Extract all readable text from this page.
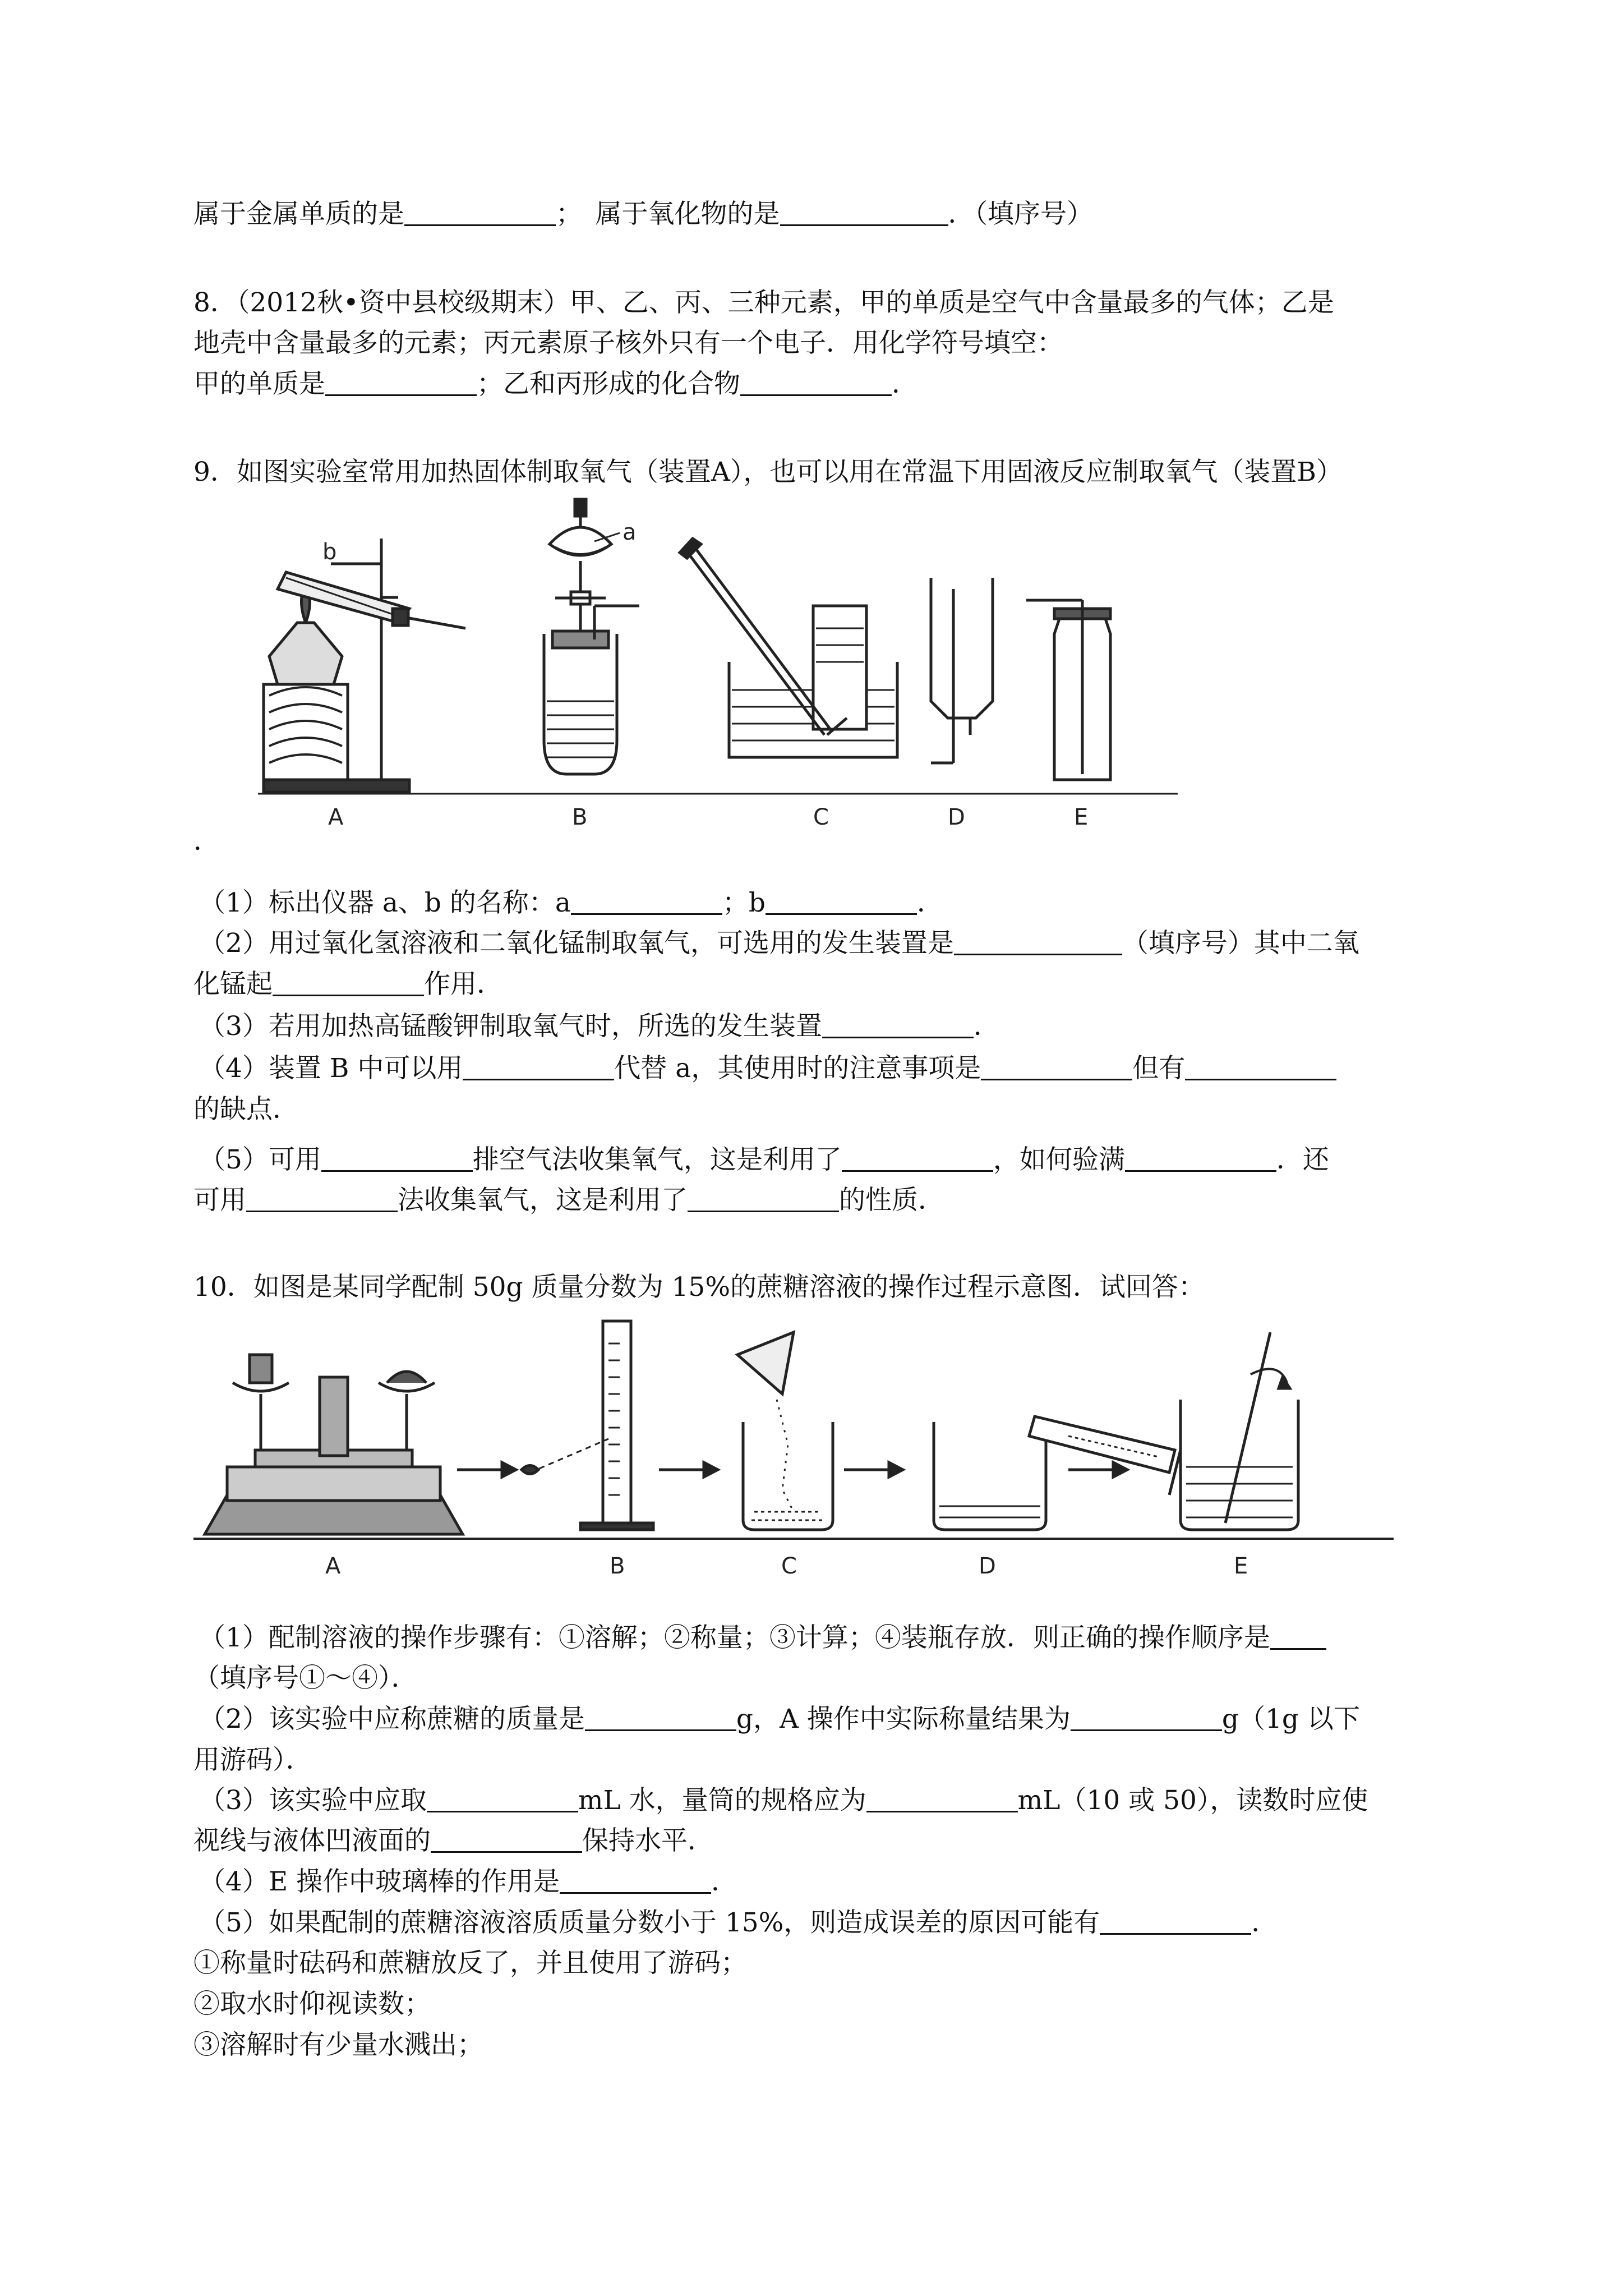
属于金属单质的是	；　属于氧化物的是	．（填序号）
8．（2012秋•资中县校级期末）甲、乙、丙、三种元素，甲的单质是空气中含量最多的气体；乙是
地壳中含量最多的元素；丙元素原子核外只有一个电子．用化学符号填空：
甲的单质是	；乙和丙形成的化合物	．
9．如图实验室常用加热固体制取氧气（装置A），也可以用在常温下用固液反应制取氧气（装置B）
b
a
A	B	C	D	E
．
（1）标出仪器 a、b 的名称：a	；b	．
（2）用过氧化氢溶液和二氧化锰制取氧气，可选用的发生装置是	（填序号）其中二氧
化锰起	作用．
（3）若用加热高锰酸钾制取氧气时，所选的发生装置	．
（4）装置 B 中可以用	代替 a，其使用时的注意事项是	但有
的缺点．
（5）可用	排空气法收集氧气，这是利用了	，如何验满	．还
可用	法收集氧气，这是利用了	的性质．
10．如图是某同学配制 50g 质量分数为 15%的蔗糖溶液的操作过程示意图．试回答：
A	B	C	D	E
（1）配制溶液的操作步骤有：①溶解；②称量；③计算；④装瓶存放．则正确的操作顺序是
（填序号①～④）．
（2）该实验中应称蔗糖的质量是	g，A 操作中实际称量结果为	g（1g 以下
用游码）．
（3）该实验中应取	mL 水，量筒的规格应为	mL（10 或 50），读数时应使
视线与液体凹液面的	保持水平．
（4）E 操作中玻璃棒的作用是	．
（5）如果配制的蔗糖溶液溶质质量分数小于 15%，则造成误差的原因可能有	．
①称量时砝码和蔗糖放反了，并且使用了游码；
②取水时仰视读数；
③溶解时有少量水溅出；
